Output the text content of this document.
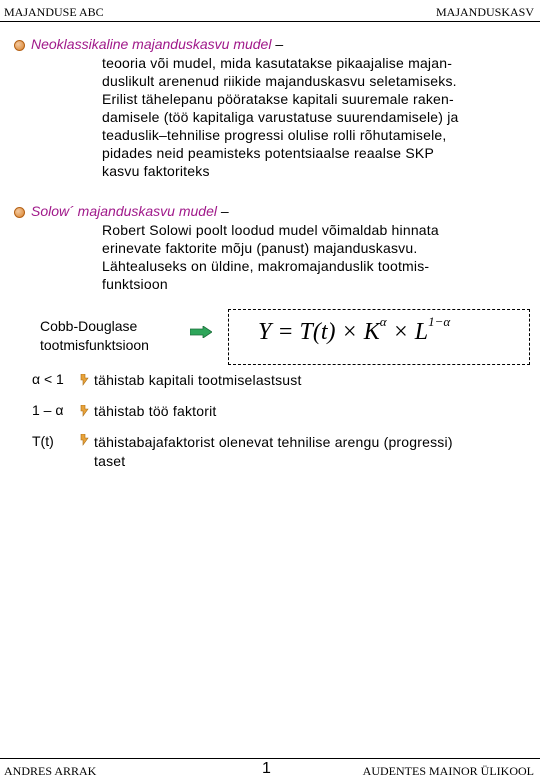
MAJANDUSE ABC	MAJANDUSKASV
Neoklassikaline majanduskasvu mudel –
teooria või mudel, mida kasutatakse pikaajalise majan-
duslikult arenenud riikide majanduskasvu seletamiseks.
Erilist tähelepanu pööratakse kapitali suuremale raken-
damisele (töö kapitaliga varustatuse suurendamisele) ja
teaduslik–tehnilise progressi olulise rolli rõhutamisele,
pidades neid peamisteks potentsiaalse reaalse SKP
kasvu faktoriteks
Solow´ majanduskasvu mudel –
Robert Solowi poolt loodud mudel võimaldab hinnata
erinevate faktorite mõju (panust) majanduskasvu.
Lähtealuseks on üldine, makromajanduslik tootmis-
funktsioon
Cobb-Douglase
tootmisfunktsioon	$Y = T(t) \times K^\alpha \times L^{1-\alpha}$
α < 1 tähistab kapitali tootmiselastsust
1 – α tähistab töö faktorit
T(t)	tähistabajafaktorist olenevat tehnilise arengu (progressi)
taset
ANDRES ARRAK	1	AUDENTES MAINOR ÜLIKOOL
